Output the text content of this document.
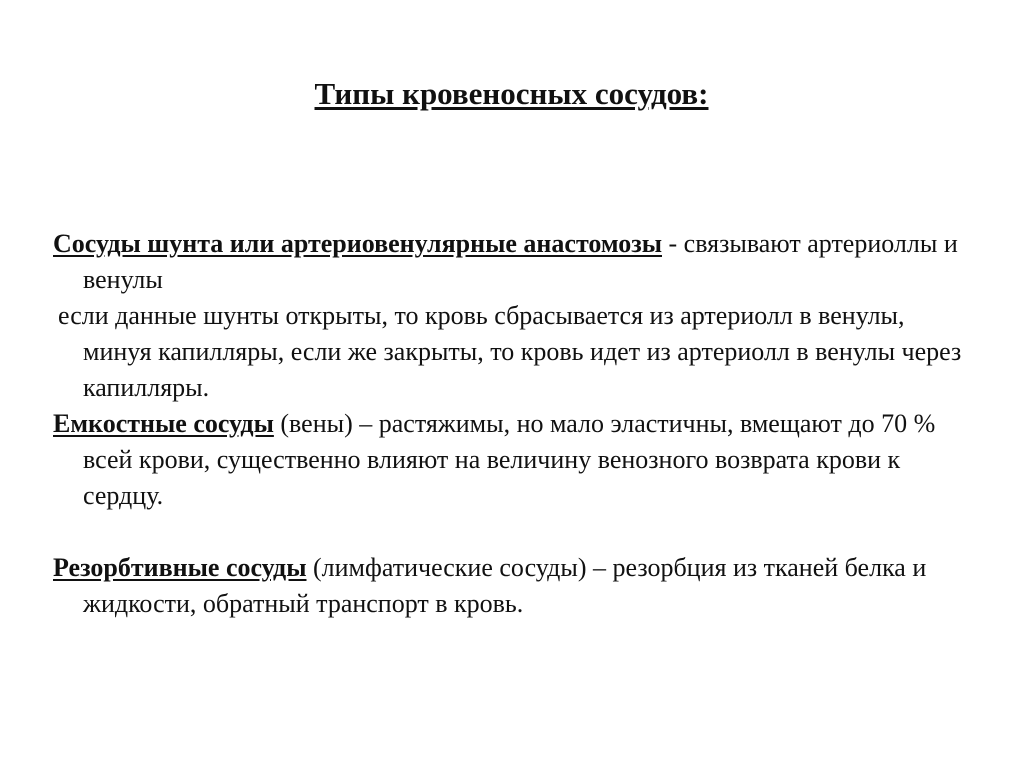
Типы кровеносных сосудов:

Сосуды шунта или артериовенулярные анастомозы - связывают артериоллы и венулы

если данные шунты открыты, то кровь сбрасывается из артериолл в венулы, минуя капилляры, если же закрыты, то кровь идет из артериолл в венулы через капилляры.

Емкостные сосуды (вены) – растяжимы, но мало эластичны, вмещают до 70 % всей крови, существенно влияют на величину венозного возврата крови к сердцу.

Резорбтивные сосуды (лимфатические сосуды) – резорбция из тканей белка и жидкости, обратный транспорт в кровь.
